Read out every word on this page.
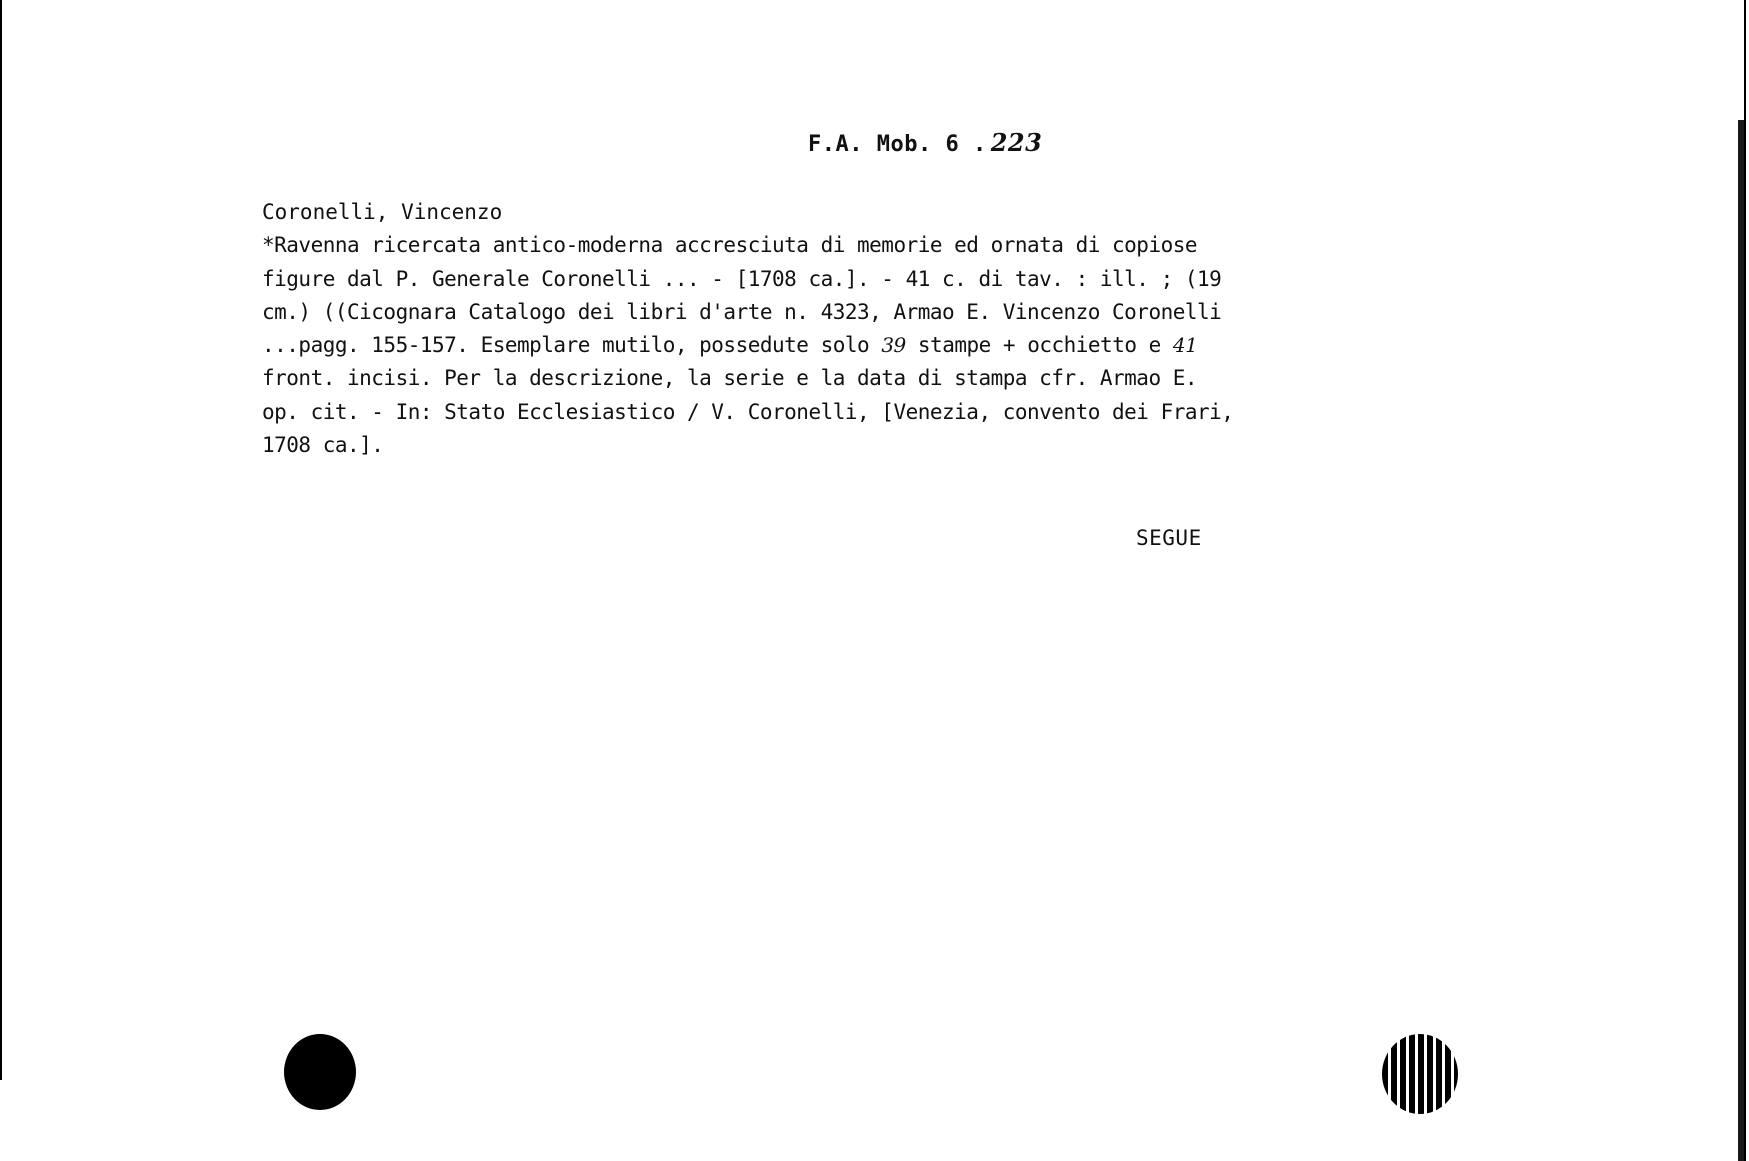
F.A. Mob. 6 . 223
Coronelli, Vincenzo
*Ravenna ricercata antico-moderna accresciuta di memorie ed ornata di copiose
figure dal P. Generale Coronelli ... - [1708 ca.]. - 41 c. di tav. : ill. ; (19
cm.) ((Cicognara Catalogo dei libri d'arte n. 4323, Armao E. Vincenzo Coronelli
...pagg. 155-157. Esemplare mutilo, possedute solo 39 stampe + occhietto e 41
front. incisi. Per la descrizione, la serie e la data di stampa cfr. Armao E.
op. cit. - In: Stato Ecclesiastico / V. Coronelli, [Venezia, convento dei Frari,
1708 ca.].
SEGUE
